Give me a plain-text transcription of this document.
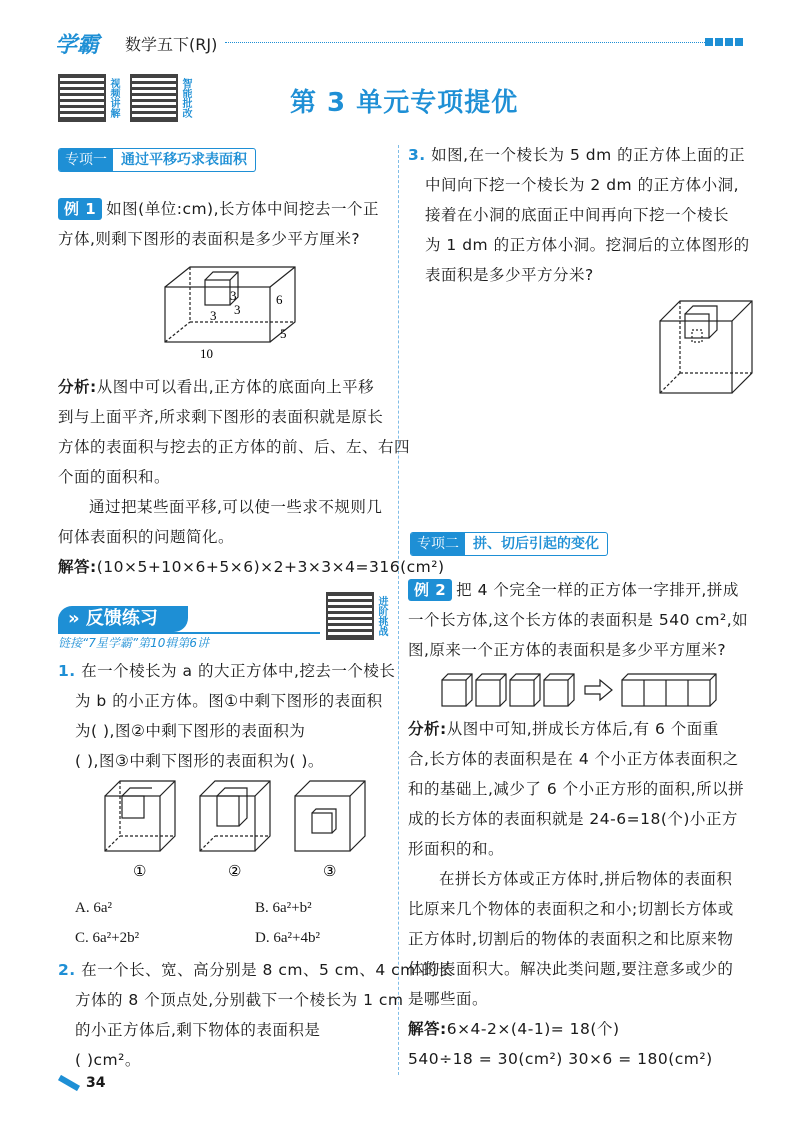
学霸 数学五下(RJ)
视频讲解	智能批改	第 3 单元专项提优
专项一 通过平移巧求表面积
例 1 如图(单位:cm),长方体中间挖去一个正
方体,则剩下图形的表面积是多少平方厘米?
3
3
3
6
5
10
分析:从图中可以看出,正方体的底面向上平移
到与上面平齐,所求剩下图形的表面积就是原长
方体的表面积与挖去的正方体的前、后、左、右四
个面的面积和。
通过把某些面平移,可以使一些求不规则几
何体表面积的问题简化。
解答:(10×5+10×6+5×6)×2+3×3×4=316(cm²)
» 反馈练习
链接“7星学霸”第10辑第6讲
进阶挑战
1. 在一个棱长为 a 的大正方体中,挖去一个棱长
为 b 的小正方体。图①中剩下图形的表面积
为( ),图②中剩下图形的表面积为
( ),图③中剩下图形的表面积为( )。
①	②	③
A. 6a²	B. 6a²+b²
C. 6a²+2b²	D. 6a²+4b²
2. 在一个长、宽、高分别是 8 cm、5 cm、4 cm 的长
方体的 8 个顶点处,分别截下一个棱长为 1 cm
的小正方体后,剩下物体的表面积是
( )cm²。
34
3. 如图,在一个棱长为 5 dm 的正方体上面的正
中间向下挖一个棱长为 2 dm 的正方体小洞,
接着在小洞的底面正中间再向下挖一个棱长
为 1 dm 的正方体小洞。挖洞后的立体图形的
表面积是多少平方分米?
专项二 拼、切后引起的变化
例 2 把 4 个完全一样的正方体一字排开,拼成
一个长方体,这个长方体的表面积是 540 cm²,如
图,原来一个正方体的表面积是多少平方厘米?
分析:从图中可知,拼成长方体后,有 6 个面重
合,长方体的表面积是在 4 个小正方体表面积之
和的基础上,减少了 6 个小正方形的面积,所以拼
成的长方体的表面积就是 24-6=18(个)小正方
形面积的和。
在拼长方体或正方体时,拼后物体的表面积
比原来几个物体的表面积之和小;切割长方体或
正方体时,切割后的物体的表面积之和比原来物
体的表面积大。解决此类问题,要注意多或少的
是哪些面。
解答:6×4-2×(4-1)= 18(个)
540÷18 = 30(cm²) 30×6 = 180(cm²)
